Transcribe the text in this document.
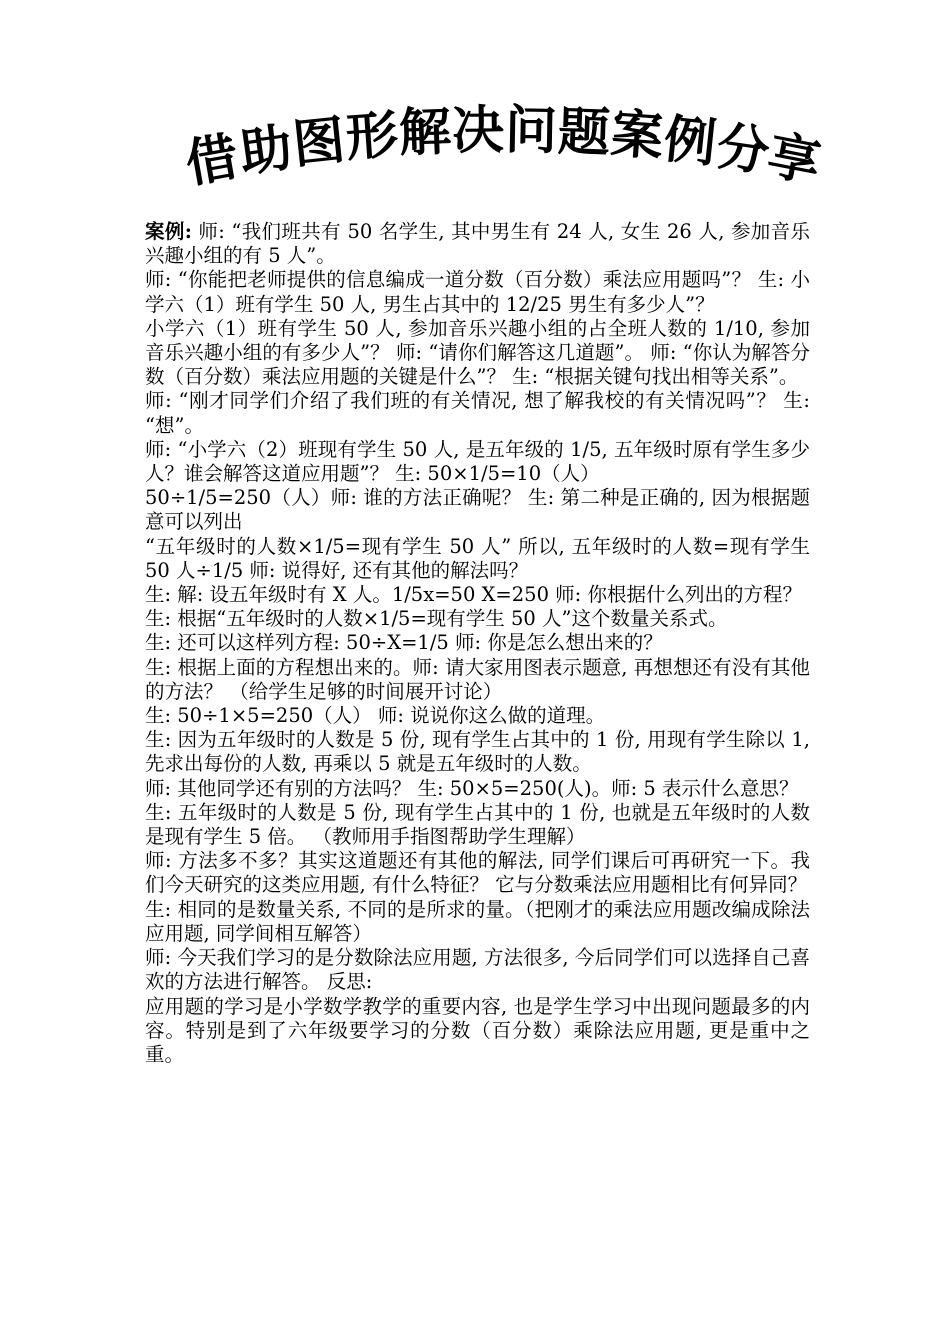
借
助
图
形
解 决 问 题
案
例
分
享

案例: 师: “我们班共有 50 名学生, 其中男生有 24 人, 女生 26 人, 参加音乐兴趣小组的有 5 人”。

师: “你能把老师提供的信息编成一道分数（百分数）乘法应用题吗”？ 生: 小学六（1）班有学生 50 人, 男生占其中的 12/25 男生有多少人”？

小学六（1）班有学生 50 人, 参加音乐兴趣小组的占全班人数的 1/10, 参加音乐兴趣小组的有多少人”？ 师: “请你们解答这几道题”。 师: “你认为解答分数（百分数）乘法应用题的关键是什么”？ 生: “根据关键句找出相等关系”。

师: “刚才同学们介绍了我们班的有关情况, 想了解我校的有关情况吗”？ 生: “想”。

师: “小学六（2）班现有学生 50 人, 是五年级的 1/5, 五年级时原有学生多少人？谁会解答这道应用题”？ 生: 50×1/5=10（人）

50÷1/5=250（人）师: 谁的方法正确呢？ 生: 第二种是正确的, 因为根据题意可以列出

“五年级时的人数×1/5=现有学生 50 人” 所以, 五年级时的人数=现有学生 50 人÷1/5 师: 说得好, 还有其他的解法吗？

生: 解: 设五年级时有 X 人。1/5x=50 X=250 师: 你根据什么列出的方程？

生: 根据“五年级时的人数×1/5=现有学生 50 人”这个数量关系式。

生: 还可以这样列方程: 50÷X=1/5 师: 你是怎么想出来的？

生: 根据上面的方程想出来的。师: 请大家用图表示题意, 再想想还有没有其他的方法？ （给学生足够的时间展开讨论）

生: 50÷1×5=250（人） 师: 说说你这么做的道理。

生: 因为五年级时的人数是 5 份, 现有学生占其中的 1 份, 用现有学生除以 1, 先求出每份的人数, 再乘以 5 就是五年级时的人数。

师: 其他同学还有别的方法吗？ 生: 50×5=250(人)。师: 5 表示什么意思？

生: 五年级时的人数是 5 份, 现有学生占其中的 1 份, 也就是五年级时的人数是现有学生 5 倍。 （教师用手指图帮助学生理解）

师: 方法多不多？其实这道题还有其他的解法, 同学们课后可再研究一下。我们今天研究的这类应用题, 有什么特征？ 它与分数乘法应用题相比有何异同？

生: 相同的是数量关系, 不同的是所求的量。（把刚才的乘法应用题改编成除法应用题, 同学间相互解答）

师: 今天我们学习的是分数除法应用题, 方法很多, 今后同学们可以选择自己喜欢的方法进行解答。 反思:

应用题的学习是小学数学教学的重要内容, 也是学生学习中出现问题最多的内容。特别是到了六年级要学习的分数（百分数）乘除法应用题, 更是重中之重。
